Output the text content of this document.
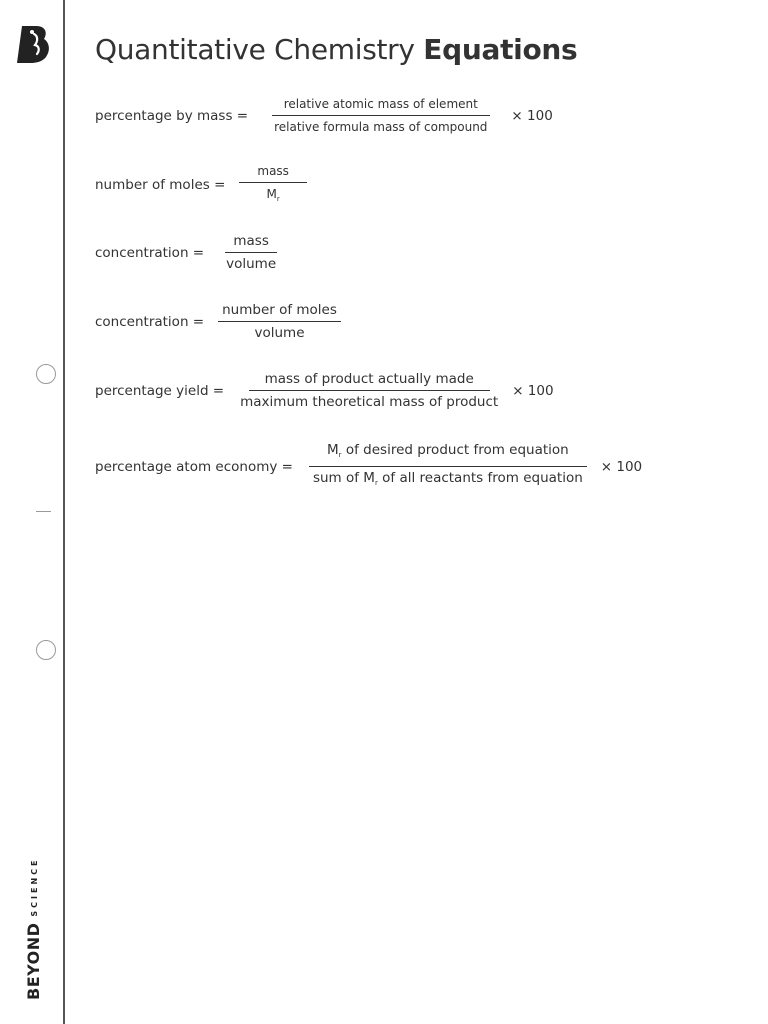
BEYONDSCIENCE
Quantitative Chemistry Equations
percentage by mass = $\frac{\text{relative atomic mass of element}}{\text{relative formula mass of compound}} \times 100$
number of moles = $\frac{\text{mass}}{M_r}$
concentration = $\frac{\text{mass}}{\text{volume}}$
concentration = $\frac{\text{number of moles}}{\text{volume}}$
percentage yield = $\frac{\text{mass of product actually made}}{\text{maximum theoretical mass of product}} \times 100$
percentage atom economy = $\frac{M_r of desired product from equation}{sum of M_r of all reactants from equation} \times 100$
